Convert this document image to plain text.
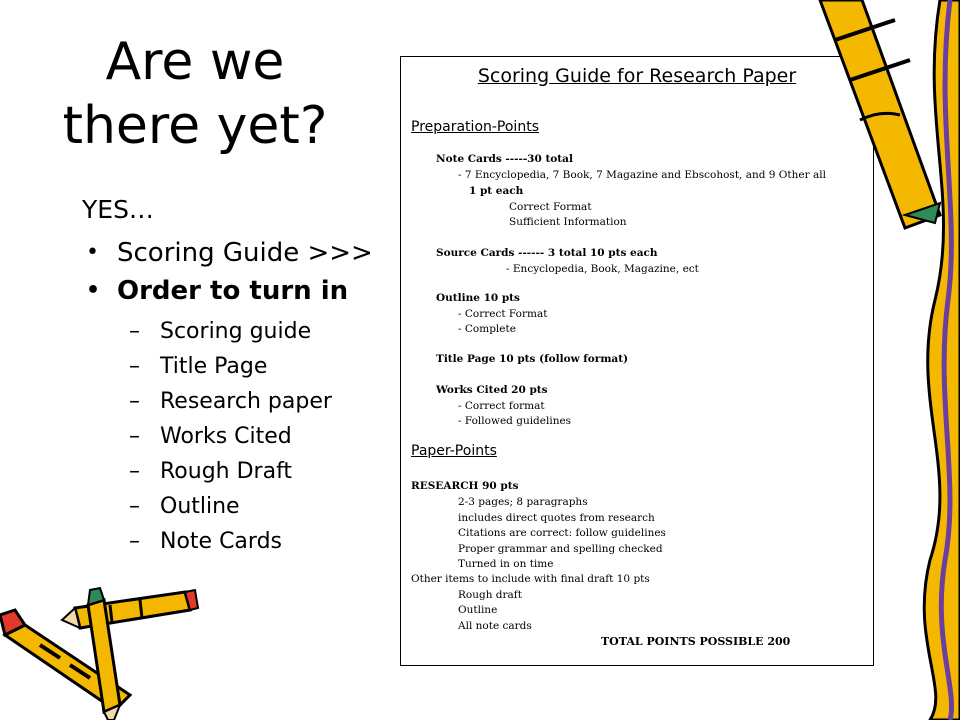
Are we
there yet?
YES…
• Scoring Guide >>>
• Order to turn in
– Scoring guide
– Title Page
– Research paper
– Works Cited
– Rough Draft
– Outline
– Note Cards
Scoring Guide for Research Paper
Preparation-Points
Note Cards -----30 total
- 7 Encyclopedia, 7 Book, 7 Magazine and Ebscohost, and 9 Other all
1 pt each
Correct Format
Sufficient Information
Source Cards ------ 3 total 10 pts each
- Encyclopedia, Book, Magazine, ect
Outline 10 pts
- Correct Format
- Complete
Title Page 10 pts (follow format)
Works Cited 20 pts
- Correct format
- Followed guidelines
Paper-Points
RESEARCH 90 pts
2-3 pages; 8 paragraphs
includes direct quotes from research
Citations are correct: follow guidelines
Proper grammar and spelling checked
Turned in on time
Other items to include with final draft 10 pts
Rough draft
Outline
All note cards
TOTAL POINTS POSSIBLE 200
